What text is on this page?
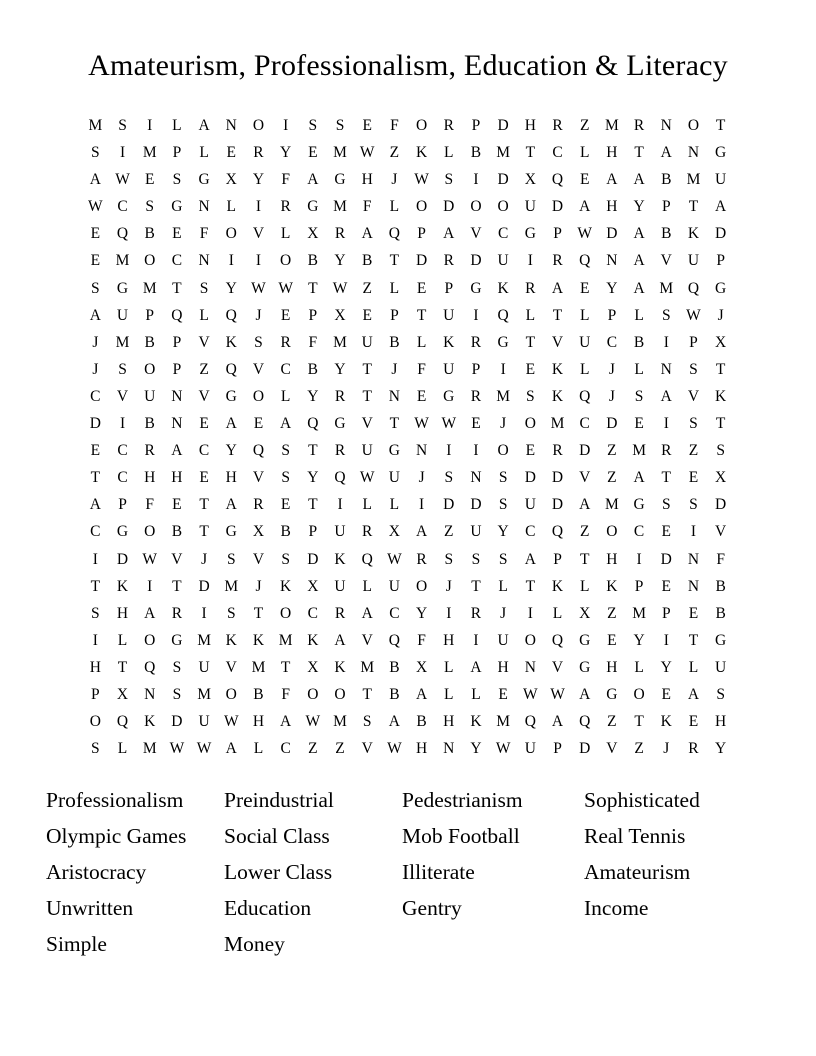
Amateurism, Professionalism, Education & Literacy
M	S	I	L	A	N	O	I	S	S	E	F	O	R	P	D	H	R	Z	M	R	N	O	T
S	I	M	P	L	E	R	Y	E	M	W	Z	K	L	B	M	T	C	L	H	T	A	N	G
A	W	E	S	G	X	Y	F	A	G	H	J	W	S	I	D	X	Q	E	A	A	B	M	U
W	C	S	G	N	L	I	R	G	M	F	L	O	D	O	O	U	D	A	H	Y	P	T	A
E	Q	B	E	F	O	V	L	X	R	A	Q	P	A	V	C	G	P	W	D	A	B	K	D
E	M	O	C	N	I	I	O	B	Y	B	T	D	R	D	U	I	R	Q	N	A	V	U	P
S	G	M	T	S	Y	W	W	T	W	Z	L	E	P	G	K	R	A	E	Y	A	M	Q	G
A	U	P	Q	L	Q	J	E	P	X	E	P	T	U	I	Q	L	T	L	P	L	S	W	J
J	M	B	P	V	K	S	R	F	M	U	B	L	K	R	G	T	V	U	C	B	I	P	X
J	S	O	P	Z	Q	V	C	B	Y	T	J	F	U	P	I	E	K	L	J	L	N	S	T
C	V	U	N	V	G	O	L	Y	R	T	N	E	G	R	M	S	K	Q	J	S	A	V	K
D	I	B	N	E	A	E	A	Q	G	V	T	W	W	E	J	O	M	C	D	E	I	S	T
E	C	R	A	C	Y	Q	S	T	R	U	G	N	I	I	O	E	R	D	Z	M	R	Z	S
T	C	H	H	E	H	V	S	Y	Q	W	U	J	S	N	S	D	D	V	Z	A	T	E	X
A	P	F	E	T	A	R	E	T	I	L	L	I	D	D	S	U	D	A	M	G	S	S	D
C	G	O	B	T	G	X	B	P	U	R	X	A	Z	U	Y	C	Q	Z	O	C	E	I	V
I	D	W	V	J	S	V	S	D	K	Q	W	R	S	S	S	A	P	T	H	I	D	N	F
T	K	I	T	D	M	J	K	X	U	L	U	O	J	T	L	T	K	L	K	P	E	N	B
S	H	A	R	I	S	T	O	C	R	A	C	Y	I	R	J	I	L	X	Z	M	P	E	B
I	L	O	G	M	K	K	M	K	A	V	Q	F	H	I	U	O	Q	G	E	Y	I	T	G
H	T	Q	S	U	V	M	T	X	K	M	B	X	L	A	H	N	V	G	H	L	Y	L	U
P	X	N	S	M	O	B	F	O	O	T	B	A	L	L	E	W	W	A	G	O	E	A	S
O	Q	K	D	U	W	H	A	W	M	S	A	B	H	K	M	Q	A	Q	Z	T	K	E	H
S	L	M	W	W	A	L	C	Z	Z	V	W	H	N	Y	W	U	P	D	V	Z	J	R	Y
Professionalism
Olympic Games
Aristocracy
Unwritten
Simple
Preindustrial
Social Class
Lower Class
Education
Money
Pedestrianism
Mob Football
Illiterate
Gentry
Sophisticated
Real Tennis
Amateurism
Income
